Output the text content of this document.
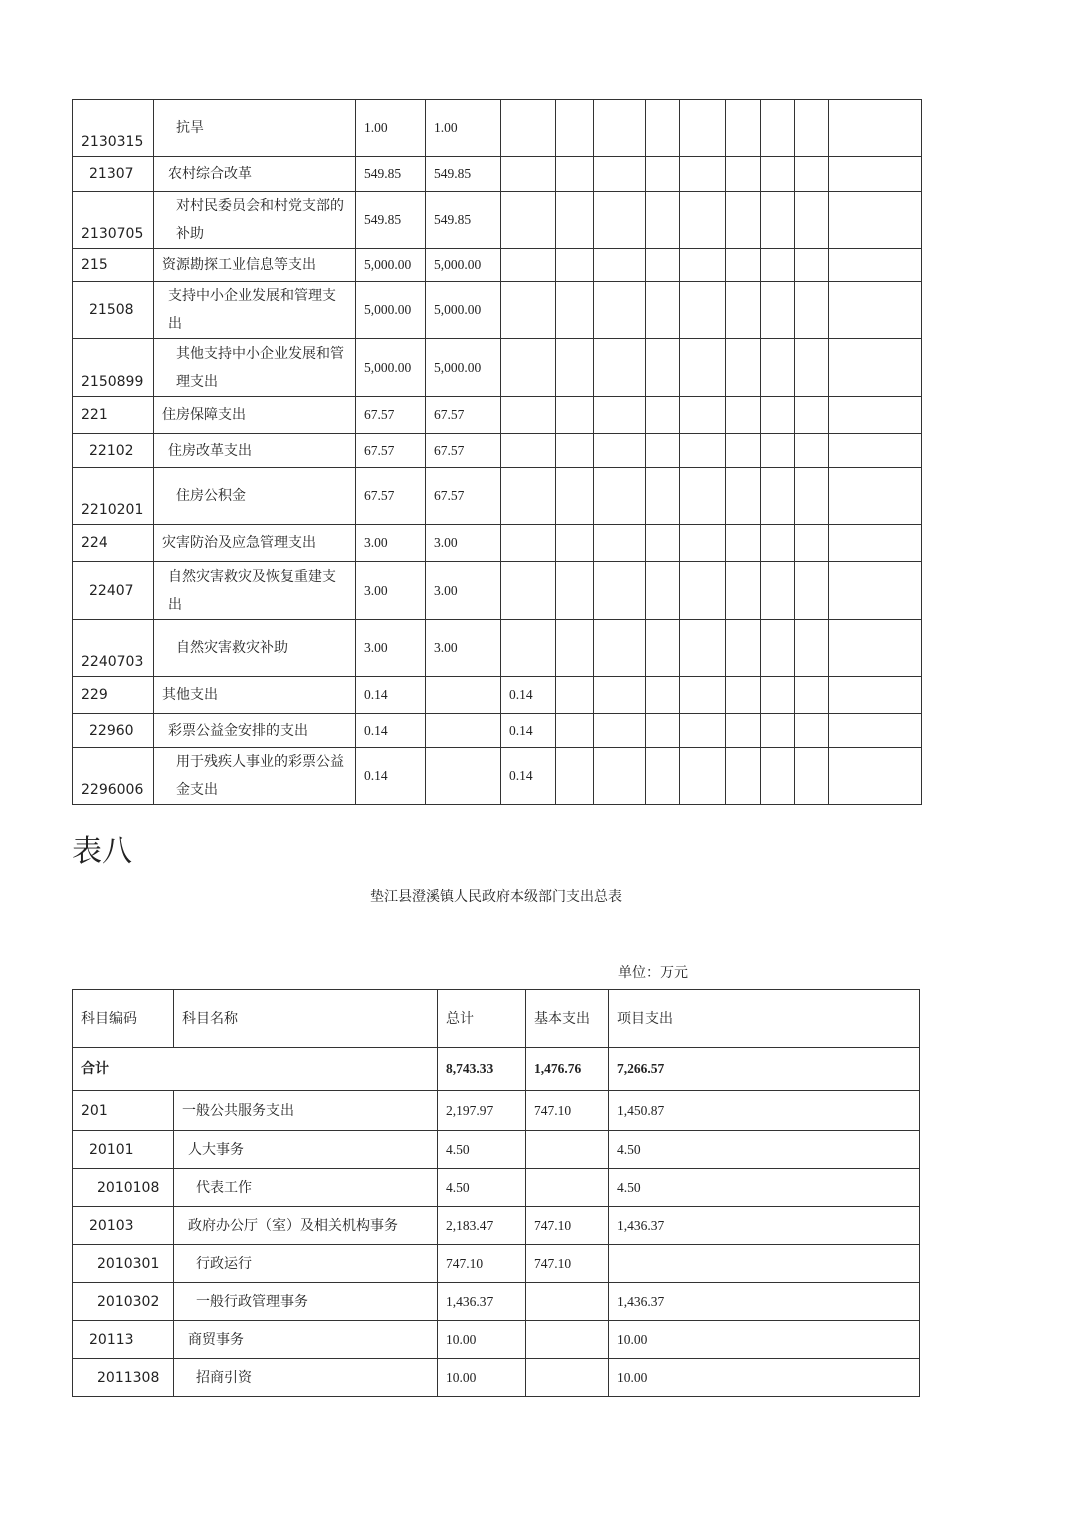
2130315	抗旱	1.00	1.00									
21307	农村综合改革	549.85	549.85									
2130705	对村民委员会和村党支部的补助	549.85	549.85									
215	资源勘探工业信息等支出	5,000.00	5,000.00									
21508	支持中小企业发展和管理支出	5,000.00	5,000.00									
2150899	其他支持中小企业发展和管理支出	5,000.00	5,000.00									
221	住房保障支出	67.57	67.57									
22102	住房改革支出	67.57	67.57									
2210201	住房公积金	67.57	67.57									
224	灾害防治及应急管理支出	3.00	3.00									
22407	自然灾害救灾及恢复重建支出	3.00	3.00									
2240703	自然灾害救灾补助	3.00	3.00									
229	其他支出	0.14		0.14								
22960	彩票公益金安排的支出	0.14		0.14								
2296006	用于残疾人事业的彩票公益金支出	0.14		0.14								
表八
垫江县澄溪镇人民政府本级部门支出总表
单位：万元
科目编码	科目名称	总计	基本支出	项目支出
合计		8,743.33	1,476.76	7,266.57
201	一般公共服务支出	2,197.97	747.10	1,450.87
20101	人大事务	4.50		4.50
2010108	代表工作	4.50		4.50
20103	政府办公厅（室）及相关机构事务	2,183.47	747.10	1,436.37
2010301	行政运行	747.10	747.10	
2010302	一般行政管理事务	1,436.37		1,436.37
20113	商贸事务	10.00		10.00
2011308	招商引资	10.00		10.00
